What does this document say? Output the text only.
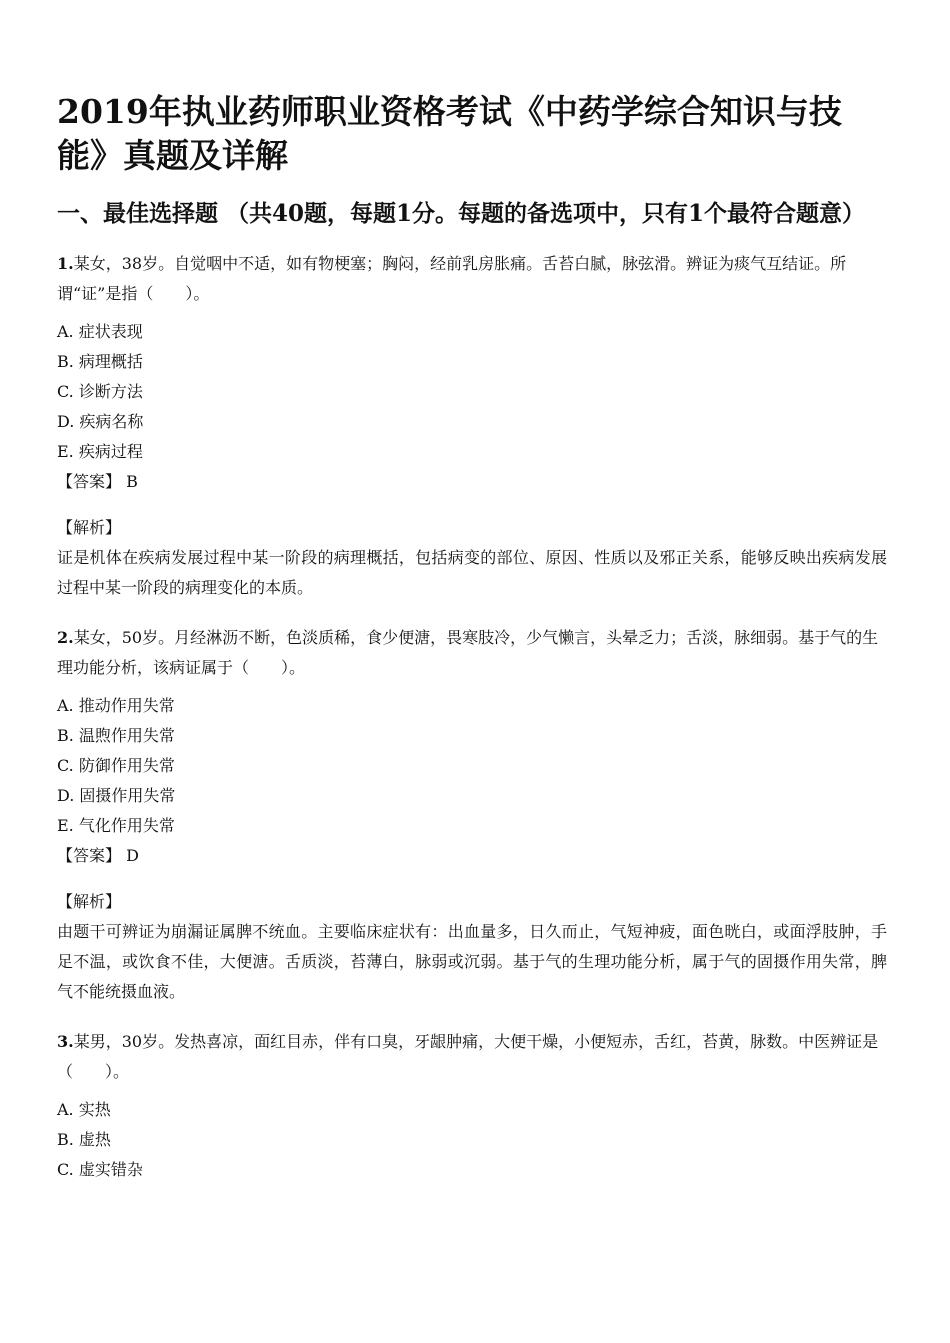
2019年执业药师职业资格考试《中药学综合知识与技能》真题及详解
一、最佳选择题 （共40题，每题1分。每题的备选项中，只有1个最符合题意）

1.某女，38岁。自觉咽中不适，如有物梗塞；胸闷，经前乳房胀痛。舌苔白腻，脉弦滑。辨证为痰气互结证。所谓“证”是指（　　）。

A. 症状表现
B. 病理概括
C. 诊断方法
D. 疾病名称
E. 疾病过程
【答案】 B
【解析】
证是机体在疾病发展过程中某一阶段的病理概括，包括病变的部位、原因、性质以及邪正关系，能够反映出疾病发展过程中某一阶段的病理变化的本质。

2.某女，50岁。月经淋沥不断，色淡质稀，食少便溏，畏寒肢冷，少气懒言，头晕乏力；舌淡，脉细弱。基于气的生理功能分析，该病证属于（　　）。

A. 推动作用失常
B. 温煦作用失常
C. 防御作用失常
D. 固摄作用失常
E. 气化作用失常
【答案】 D
【解析】
由题干可辨证为崩漏证属脾不统血。主要临床症状有：出血量多，日久而止，气短神疲，面色晄白，或面浮肢肿，手足不温，或饮食不佳，大便溏。舌质淡，苔薄白，脉弱或沉弱。基于气的生理功能分析，属于气的固摄作用失常，脾气不能统摄血液。

3.某男，30岁。发热喜凉，面红目赤，伴有口臭，牙龈肿痛，大便干燥，小便短赤，舌红，苔黄，脉数。中医辨证是（　　）。

A. 实热
B. 虚热
C. 虚实错杂
